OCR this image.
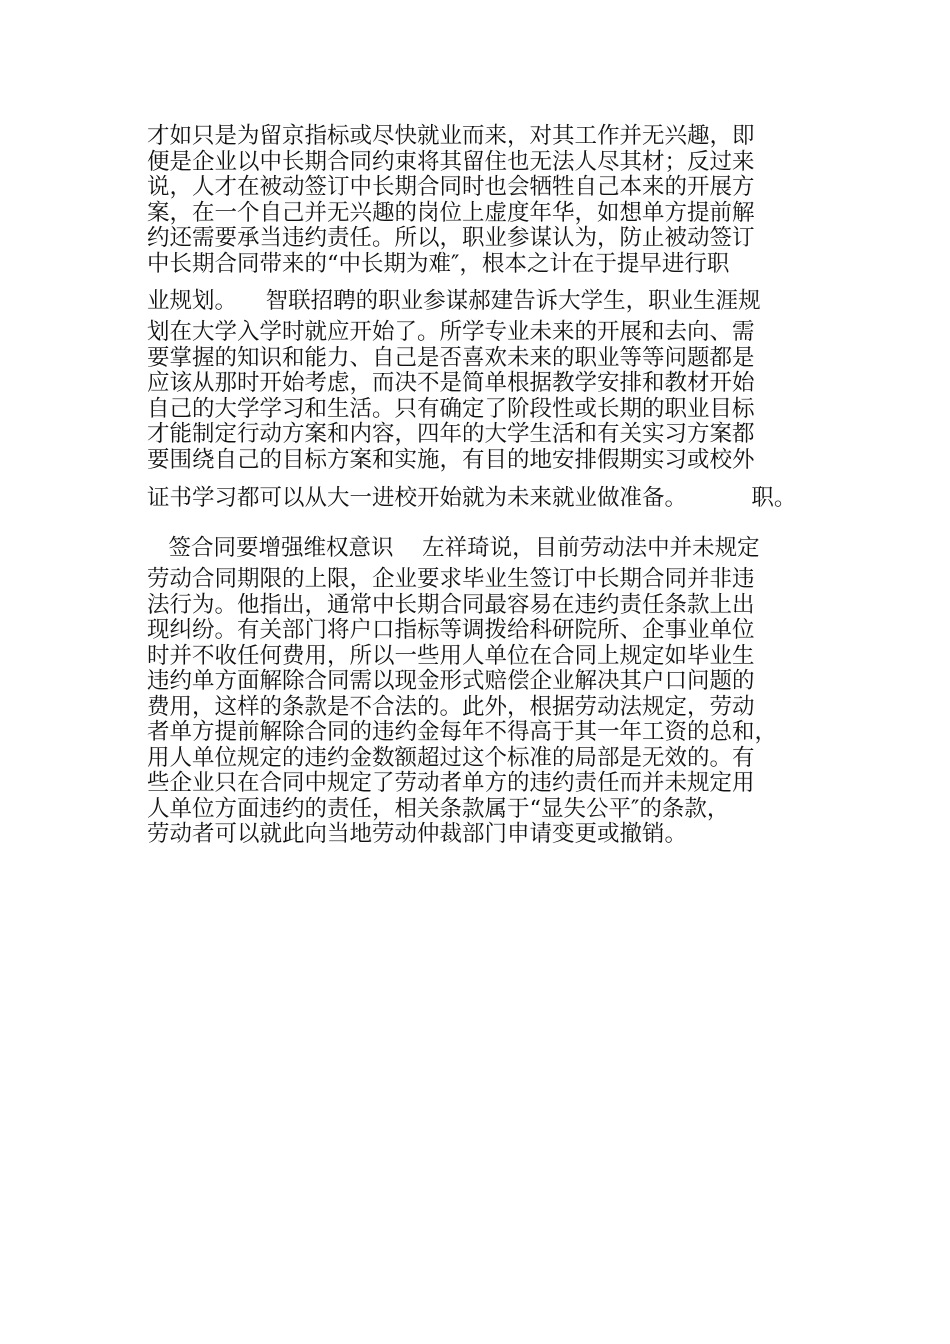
才如只是为留京指标或尽快就业而来，对其工作并无兴趣，即
便是企业以中长期合同约束将其留住也无法人尽其材；反过来
说，人才在被动签订中长期合同时也会牺牲自己本来的开展方
案，在一个自己并无兴趣的岗位上虚度年华，如想单方提前解
约还需要承当违约责任。所以，职业参谋认为，防止被动签订
中长期合同带来的“中长期为难″，根本之计在于提早进行职
业规划。    智联招聘的职业参谋郝建告诉大学生，职业生涯规
划在大学入学时就应开始了。所学专业未来的开展和去向、需
要掌握的知识和能力、自己是否喜欢未来的职业等等问题都是
应该从那时开始考虑，而决不是简单根据教学安排和教材开始
自己的大学学习和生活。只有确定了阶段性或长期的职业目标
才能制定行动方案和内容，四年的大学生活和有关实习方案都
要围绕自己的目标方案和实施，有目的地安排假期实习或校外
证书学习都可以从大一进校开始就为未来就业做准备。         职。
签合同要增强维权意识    左祥琦说，目前劳动法中并未规定
劳动合同期限的上限，企业要求毕业生签订中长期合同并非违
法行为。他指出，通常中长期合同最容易在违约责任条款上出
现纠纷。有关部门将户口指标等调拨给科研院所、企事业单位
时并不收任何费用，所以一些用人单位在合同上规定如毕业生
违约单方面解除合同需以现金形式赔偿企业解决其户口问题的
费用，这样的条款是不合法的。此外，根据劳动法规定，劳动
者单方提前解除合同的违约金每年不得高于其一年工资的总和，
用人单位规定的违约金数额超过这个标准的局部是无效的。有
些企业只在合同中规定了劳动者单方的违约责任而并未规定用
人单位方面违约的责任，相关条款属于“显失公平″的条款，
劳动者可以就此向当地劳动仲裁部门申请变更或撤销。
